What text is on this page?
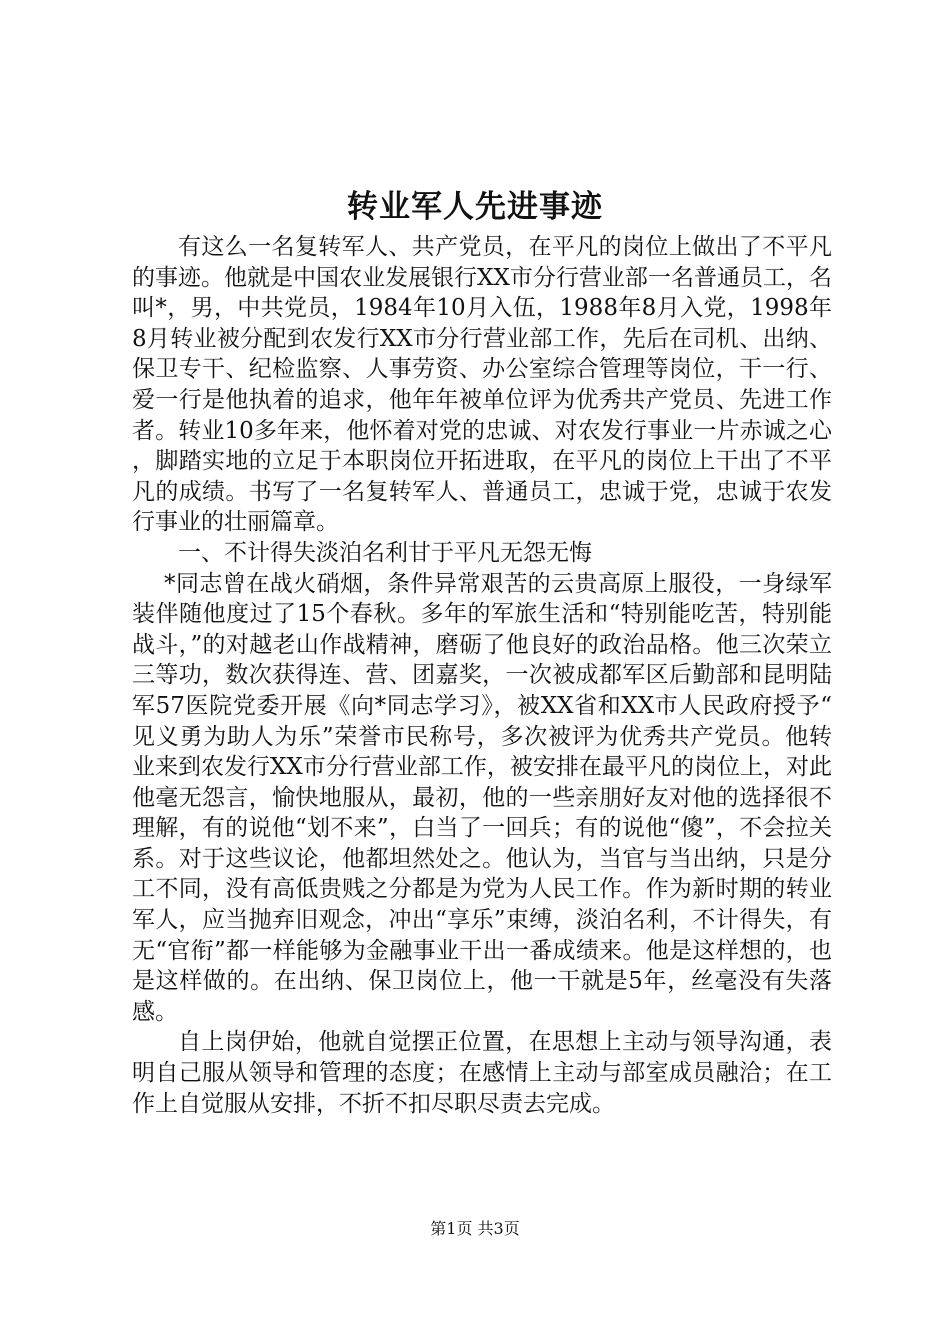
转业军人先进事迹

有这么一名复转军人、共产党员，在平凡的岗位上做出了不平凡的事迹。他就是中国农业发展银行XX市分行营业部一名普通员工，名叫*，男，中共党员，1984年10月入伍，1988年8月入党，1998年8月转业被分配到农发行XX市分行营业部工作，先后在司机、出纳、保卫专干、纪检监察、人事劳资、办公室综合管理等岗位，干一行、爱一行是他执着的追求，他年年被单位评为优秀共产党员、先进工作者。转业10多年来，他怀着对党的忠诚、对农发行事业一片赤诚之心，脚踏实地的立足于本职岗位开拓进取，在平凡的岗位上干出了不平凡的成绩。书写了一名复转军人、普通员工，忠诚于党，忠诚于农发行事业的壮丽篇章。

一、不计得失淡泊名利甘于平凡无怨无悔

*同志曾在战火硝烟，条件异常艰苦的云贵高原上服役，一身绿军装伴随他度过了15个春秋。多年的军旅生活和“特别能吃苦，特别能战斗，”的对越老山作战精神，磨砺了他良好的政治品格。他三次荣立三等功，数次获得连、营、团嘉奖，一次被成都军区后勤部和昆明陆军57医院党委开展《向*同志学习》，被XX省和XX市人民政府授予“见义勇为助人为乐”荣誉市民称号，多次被评为优秀共产党员。他转业来到农发行XX市分行营业部工作，被安排在最平凡的岗位上，对此他毫无怨言，愉快地服从，最初，他的一些亲朋好友对他的选择很不理解，有的说他“划不来”，白当了一回兵；有的说他“傻”，不会拉关系。对于这些议论，他都坦然处之。他认为，当官与当出纳，只是分工不同，没有高低贵贱之分都是为党为人民工作。作为新时期的转业军人，应当抛弃旧观念，冲出“享乐”束缚，淡泊名利，不计得失，有无“官衔”都一样能够为金融事业干出一番成绩来。他是这样想的，也是这样做的。在出纳、保卫岗位上，他一干就是5年，丝毫没有失落感。

自上岗伊始，他就自觉摆正位置，在思想上主动与领导沟通，表明自己服从领导和管理的态度；在感情上主动与部室成员融洽；在工作上自觉服从安排，不折不扣尽职尽责去完成。

第1页 共3页
